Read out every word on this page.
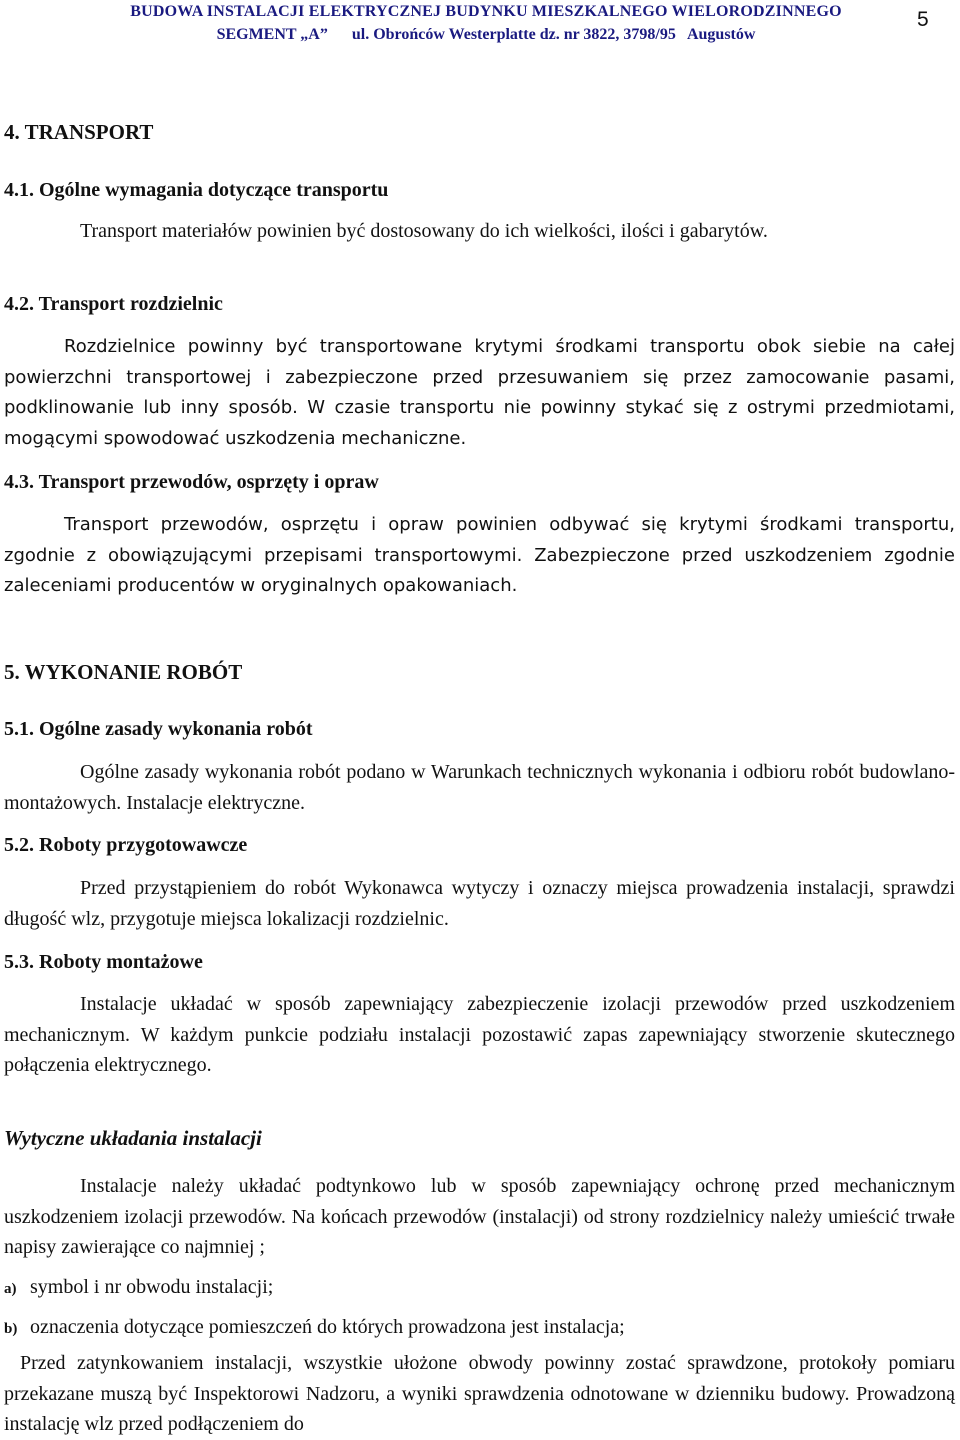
BUDOWA INSTALACJI ELEKTRYCZNEJ BUDYNKU MIESZKALNEGO WIELORODZINNEGO
SEGMENT „A”      ul. Obrońców Westerplatte dz. nr 3822, 3798/95   Augustów
5
4. TRANSPORT
4.1. Ogólne wymagania dotyczące transportu

Transport materiałów powinien być dostosowany do ich wielkości, ilości i gabarytów.

4.2. Transport rozdzielnic

Rozdzielnice powinny być transportowane krytymi środkami transportu obok siebie na całej powierzchni transportowej i zabezpieczone przed przesuwaniem się przez zamocowanie pasami, podklinowanie lub inny sposób. W czasie transportu nie powinny stykać się z ostrymi przedmiotami, mogącymi spowodować uszkodzenia mechaniczne.

4.3. Transport przewodów, osprzęty i opraw

Transport przewodów, osprzętu i opraw powinien odbywać się krytymi środkami transportu, zgodnie z obowiązującymi przepisami transportowymi. Zabezpieczone przed uszkodzeniem zgodnie zaleceniami producentów w oryginalnych opakowaniach.

5. WYKONANIE ROBÓT
5.1. Ogólne zasady wykonania robót

Ogólne zasady wykonania robót podano w Warunkach technicznych wykonania i odbioru robót budowlano-montażowych. Instalacje elektryczne.

5.2. Roboty przygotowawcze

Przed przystąpieniem do robót Wykonawca wytyczy i oznaczy miejsca prowadzenia instalacji, sprawdzi długość wlz, przygotuje miejsca lokalizacji rozdzielnic.

5.3. Roboty montażowe

Instalacje układać w sposób zapewniający zabezpieczenie izolacji przewodów przed uszkodzeniem mechanicznym. W każdym punkcie podziału instalacji pozostawić zapas zapewniający stworzenie skutecznego połączenia elektrycznego.

Wytyczne układania instalacji

Instalacje należy układać podtynkowo lub w sposób zapewniający ochronę przed mechanicznym uszkodzeniem izolacji przewodów. Na końcach przewodów (instalacji) od strony rozdzielnicy należy umieścić trwałe napisy zawierające co najmniej ;

a) symbol i nr obwodu instalacji;
b) oznaczenia dotyczące pomieszczeń do których prowadzona jest instalacja;

Przed zatynkowaniem instalacji, wszystkie ułożone obwody powinny zostać sprawdzone, protokoły pomiaru przekazane muszą być Inspektorowi Nadzoru, a wyniki sprawdzenia odnotowane w dzienniku budowy. Prowadzoną instalację wlz przed podłączeniem do
